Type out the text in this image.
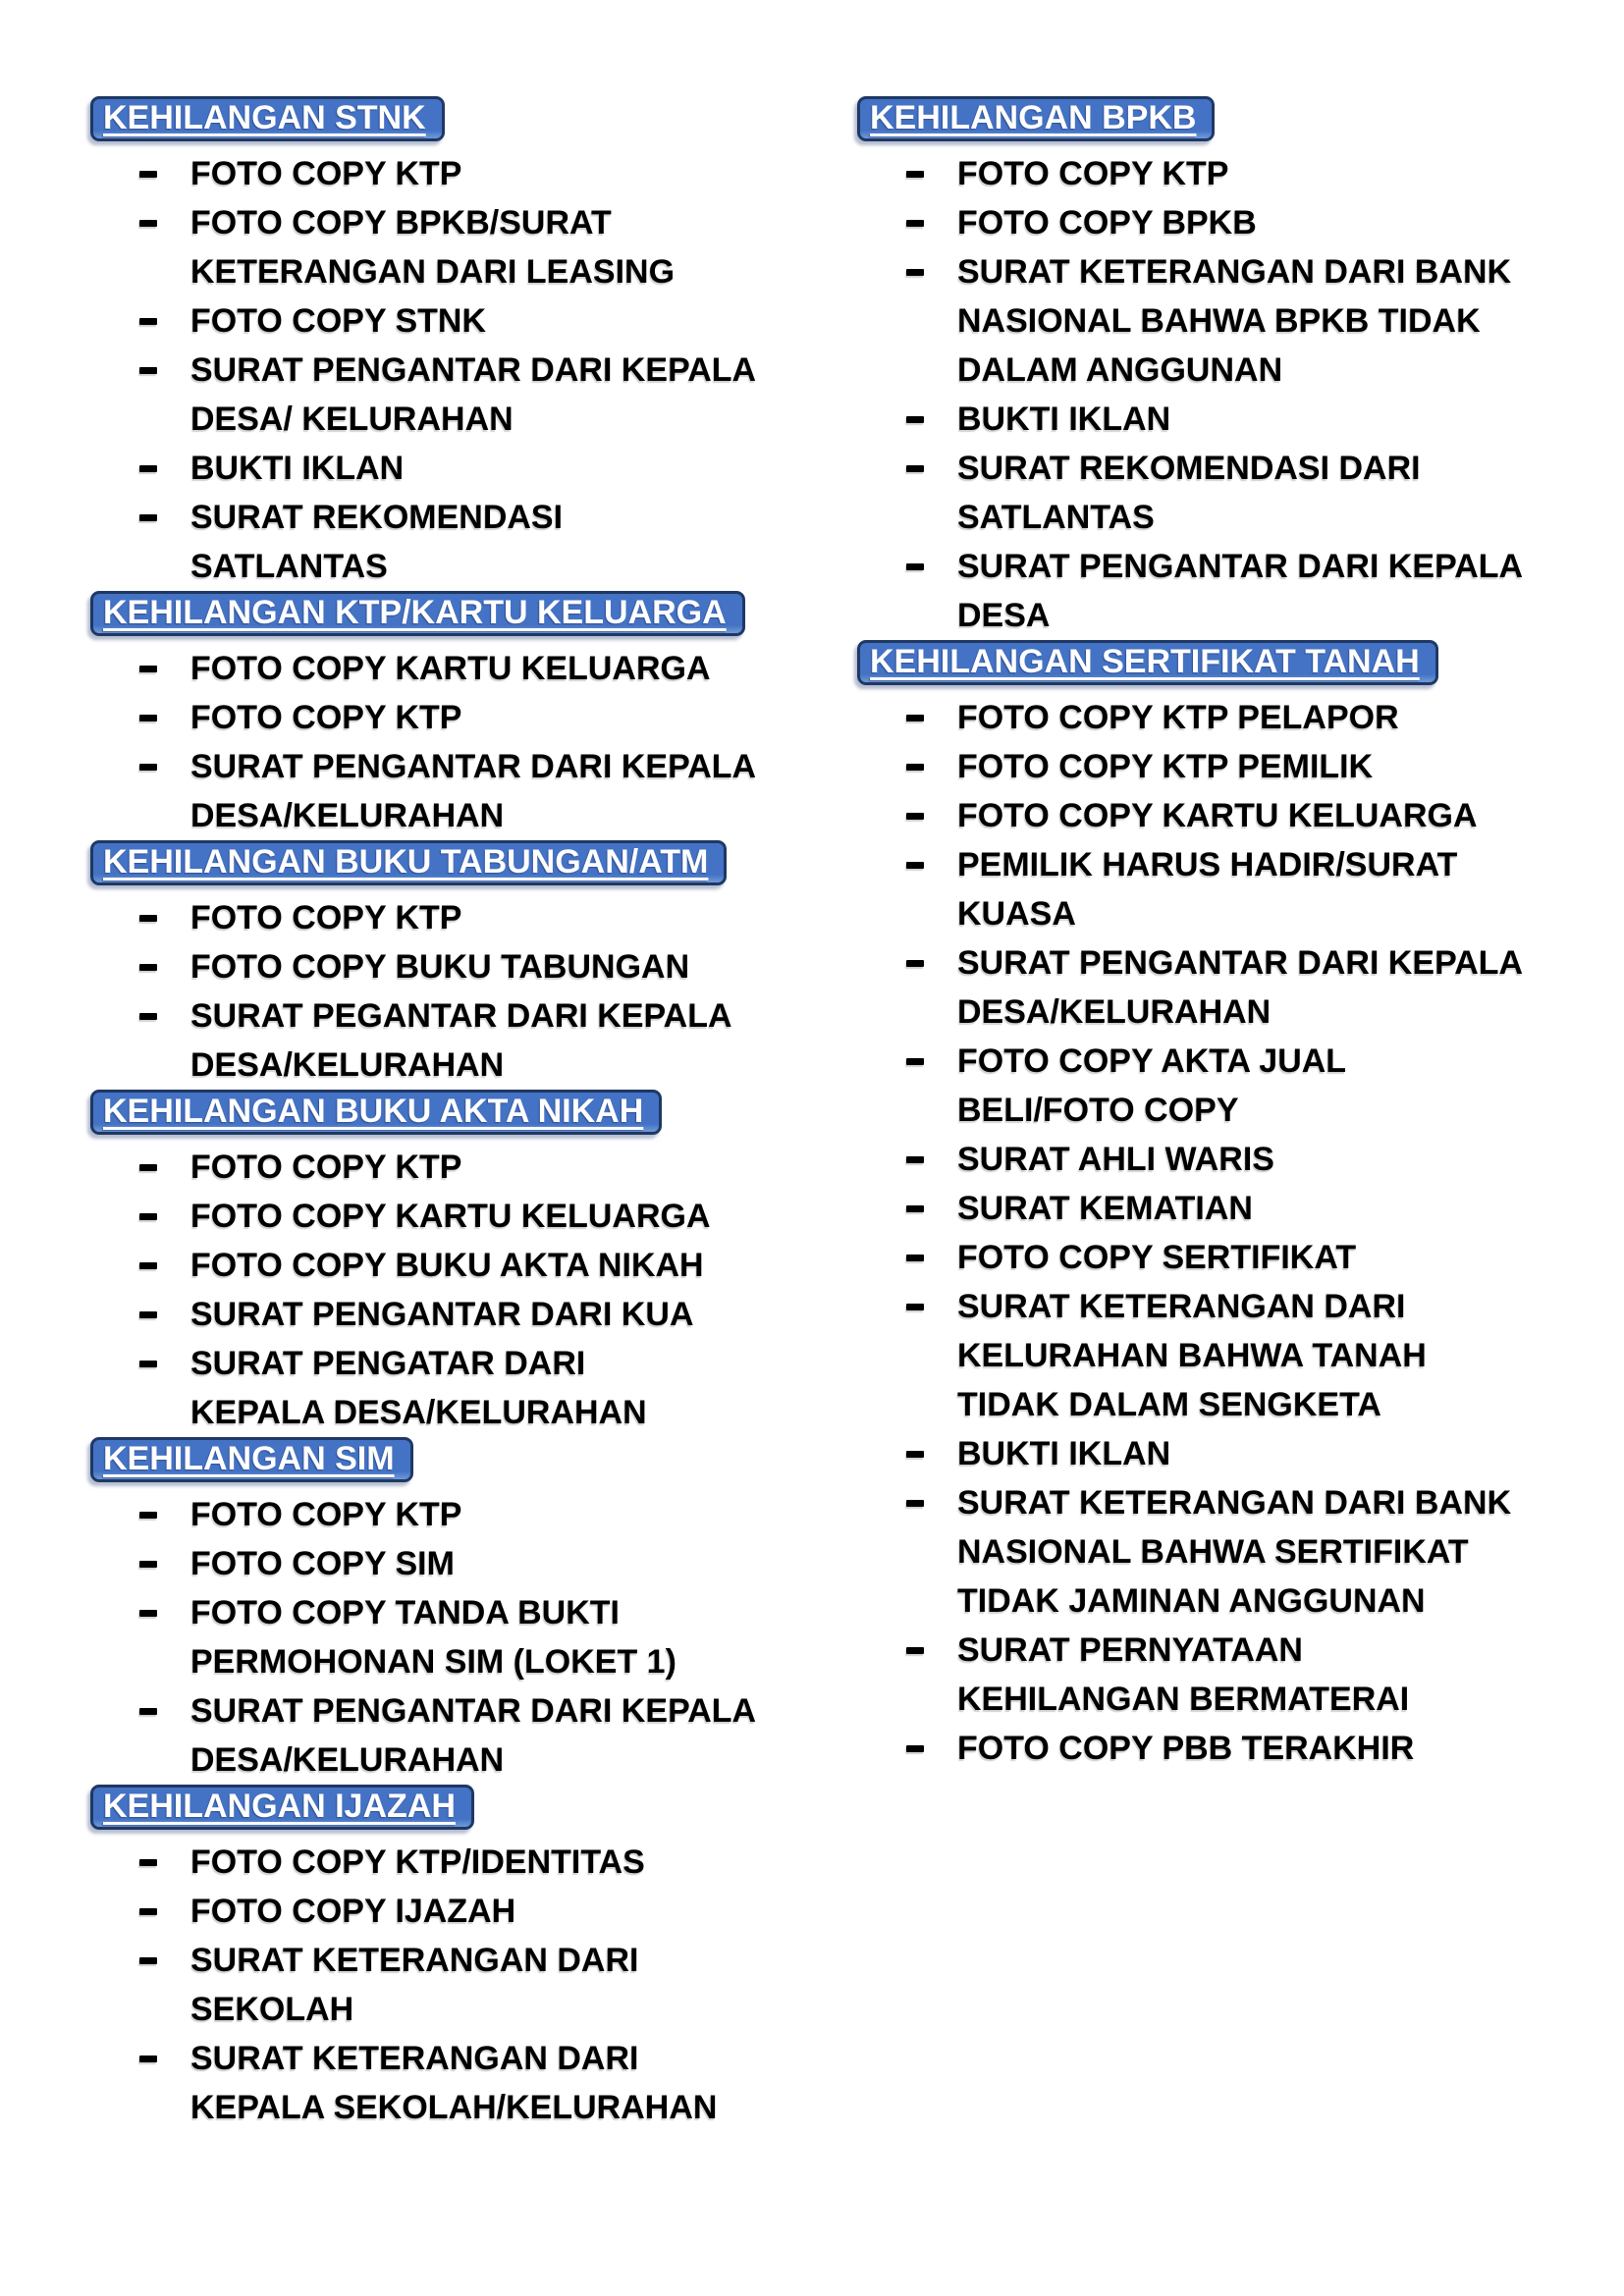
KEHILANGAN STNK
FOTO COPY KTP
FOTO COPY BPKB/SURAT
KETERANGAN DARI LEASING
FOTO COPY STNK
SURAT PENGANTAR DARI KEPALA
DESA/ KELURAHAN
BUKTI IKLAN
SURAT REKOMENDASI
SATLANTAS
KEHILANGAN KTP/KARTU KELUARGA
FOTO COPY KARTU KELUARGA
FOTO COPY KTP
SURAT PENGANTAR DARI KEPALA
DESA/KELURAHAN
KEHILANGAN BUKU TABUNGAN/ATM
FOTO COPY KTP
FOTO COPY BUKU TABUNGAN
SURAT PEGANTAR DARI KEPALA
DESA/KELURAHAN
KEHILANGAN BUKU AKTA NIKAH
FOTO COPY KTP
FOTO COPY KARTU KELUARGA
FOTO COPY BUKU AKTA NIKAH
SURAT PENGANTAR DARI KUA
SURAT PENGATAR DARI
KEPALA DESA/KELURAHAN
KEHILANGAN SIM
FOTO COPY KTP
FOTO COPY SIM
FOTO COPY TANDA BUKTI
PERMOHONAN SIM (LOKET 1)
SURAT PENGANTAR DARI KEPALA
DESA/KELURAHAN
KEHILANGAN IJAZAH
FOTO COPY KTP/IDENTITAS
FOTO COPY IJAZAH
SURAT KETERANGAN DARI
SEKOLAH
SURAT KETERANGAN DARI
KEPALA SEKOLAH/KELURAHAN
KEHILANGAN BPKB
FOTO COPY KTP
FOTO COPY BPKB
SURAT KETERANGAN DARI BANK
NASIONAL BAHWA BPKB TIDAK
DALAM ANGGUNAN
BUKTI IKLAN
SURAT REKOMENDASI DARI
SATLANTAS
SURAT PENGANTAR DARI KEPALA
DESA
KEHILANGAN SERTIFIKAT TANAH
FOTO COPY KTP PELAPOR
FOTO COPY KTP PEMILIK
FOTO COPY KARTU KELUARGA
PEMILIK HARUS HADIR/SURAT
KUASA
SURAT PENGANTAR DARI KEPALA
DESA/KELURAHAN
FOTO COPY AKTA JUAL
BELI/FOTO COPY
SURAT AHLI WARIS
SURAT KEMATIAN
FOTO COPY SERTIFIKAT
SURAT KETERANGAN DARI
KELURAHAN BAHWA TANAH
TIDAK DALAM SENGKETA
BUKTI IKLAN
SURAT KETERANGAN DARI BANK
NASIONAL BAHWA SERTIFIKAT
TIDAK JAMINAN ANGGUNAN
SURAT PERNYATAAN
KEHILANGAN BERMATERAI
FOTO COPY PBB TERAKHIR
